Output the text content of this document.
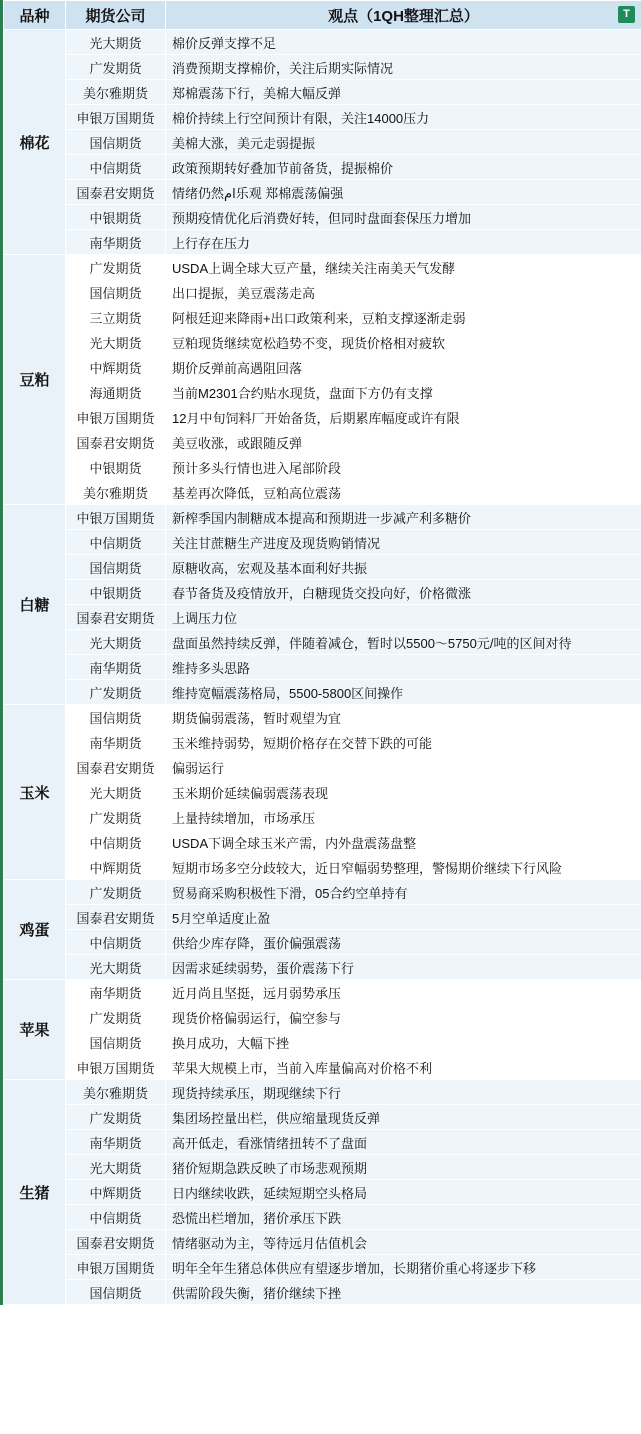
品种	期货公司	观点（1QH整理汇总） T

棉花	光大期货	棉价反弹支撑不足
	广发期货	消费预期支撑棉价，关注后期实际情况
	美尔雅期货	郑棉震荡下行，美棉大幅反弹
	申银万国期货	棉价持续上行空间预计有限，关注14000压力
	国信期货	美棉大涨，美元走弱提振
	中信期货	政策预期转好叠加节前备货，提振棉价
	国泰君安期货	情绪仍然ام乐观 郑棉震荡偏强
	中银期货	预期疫情优化后消费好转，但同时盘面套保压力增加
	南华期货	上行存在压力
豆粕	广发期货	USDA上调全球大豆产量，继续关注南美天气发酵
	国信期货	出口提振，美豆震荡走高
	三立期货	阿根廷迎来降雨+出口政策利来，豆粕支撑逐渐走弱
	光大期货	豆粕现货继续宽松趋势不变，现货价格相对疲软
	中辉期货	期价反弹前高遇阻回落
	海通期货	当前M2301合约贴水现货，盘面下方仍有支撑
	申银万国期货	12月中旬饲料厂开始备货，后期累库幅度或许有限
	国泰君安期货	美豆收涨，或跟随反弹
	中银期货	预计多头行情也进入尾部阶段
	美尔雅期货	基差再次降低，豆粕高位震荡
白糖	中银万国期货	新榨季国内制糖成本提高和预期进一步减产利多糖价
	中信期货	关注甘蔗糖生产进度及现货购销情况
	国信期货	原糖收高，宏观及基本面利好共振
	中银期货	春节备货及疫情放开，白糖现货交投向好，价格微涨
	国泰君安期货	上调压力位
	光大期货	盘面虽然持续反弹，伴随着减仓，暂时以5500～5750元/吨的区间对待
	南华期货	维持多头思路
	广发期货	维持宽幅震荡格局，5500-5800区间操作
玉米	国信期货	期货偏弱震荡，暂时观望为宜
	南华期货	玉米维持弱势，短期价格存在交替下跌的可能
	国泰君安期货	偏弱运行
	光大期货	玉米期价延续偏弱震荡表现
	广发期货	上量持续增加，市场承压
	中信期货	USDA下调全球玉米产需，内外盘震荡盘整
	中辉期货	短期市场多空分歧较大，近日窄幅弱势整理，警惕期价继续下行风险
鸡蛋	广发期货	贸易商采购积极性下滑，05合约空单持有
	国泰君安期货	5月空单适度止盈
	中信期货	供给少库存降，蛋价偏强震荡
	光大期货	因需求延续弱势，蛋价震荡下行
苹果	南华期货	近月尚且坚挺，远月弱势承压
	广发期货	现货价格偏弱运行，偏空参与
	国信期货	换月成功，大幅下挫
	申银万国期货	苹果大规模上市，当前入库量偏高对价格不利
生猪	美尔雅期货	现货持续承压，期现继续下行
	广发期货	集团场控量出栏，供应缩量现货反弹
	南华期货	高开低走，看涨情绪扭转不了盘面
	光大期货	猪价短期急跌反映了市场悲观预期
	中辉期货	日内继续收跌，延续短期空头格局
	中信期货	恐慌出栏增加，猪价承压下跌
	国泰君安期货	情绪驱动为主，等待远月估值机会
	申银万国期货	明年全年生猪总体供应有望逐步增加，长期猪价重心将逐步下移
	国信期货	供需阶段失衡，猪价继续下挫
